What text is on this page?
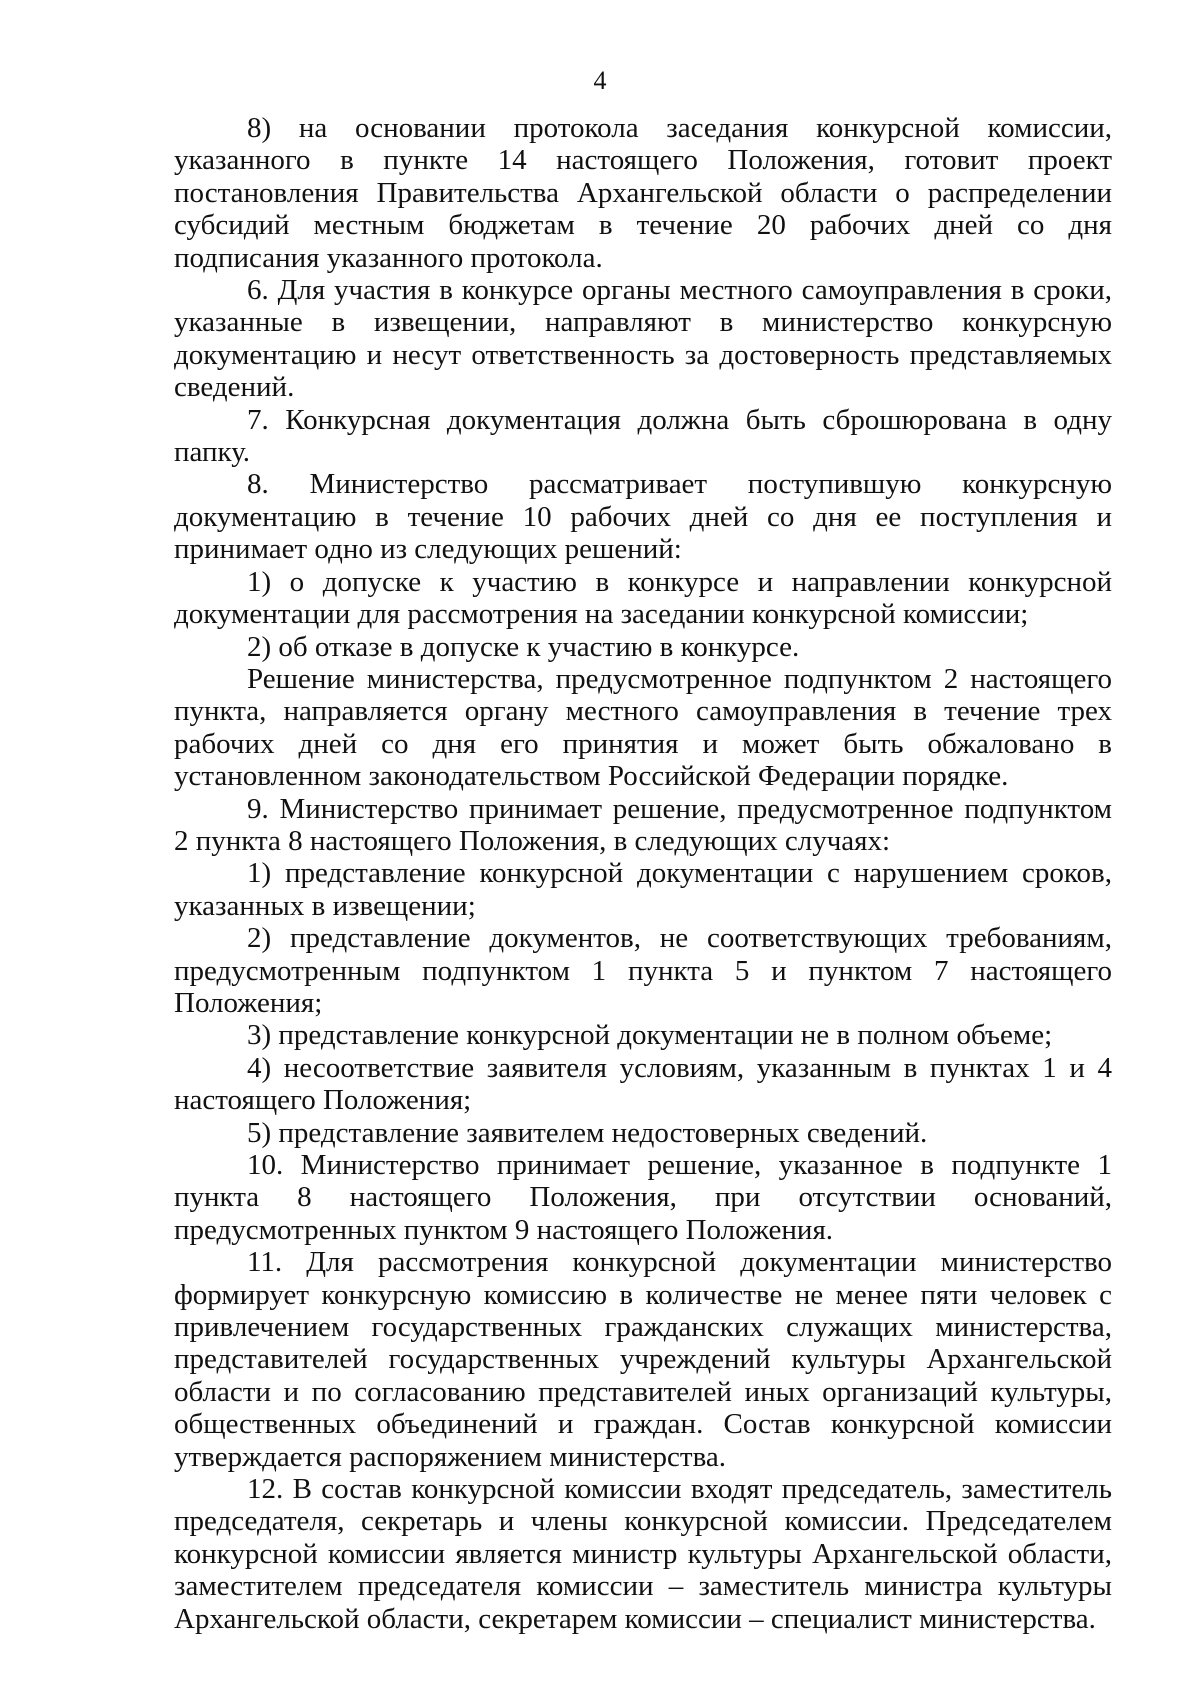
4

8) на основании протокола заседания конкурсной комиссии, указанного в пункте 14 настоящего Положения, готовит проект постановления Правительства Архангельской области о распределении субсидий местным бюджетам в течение 20 рабочих дней со дня подписания указанного протокола.

6. Для участия в конкурсе органы местного самоуправления в сроки, указанные в извещении, направляют в министерство конкурсную документацию и несут ответственность за достоверность представляемых сведений.

7. Конкурсная документация должна быть сброшюрована в одну папку.

8. Министерство рассматривает поступившую конкурсную документацию в течение 10 рабочих дней со дня ее поступления и принимает одно из следующих решений:

1) о допуске к участию в конкурсе и направлении конкурсной документации для рассмотрения на заседании конкурсной комиссии;

2) об отказе в допуске к участию в конкурсе.

Решение министерства, предусмотренное подпунктом 2 настоящего пункта, направляется органу местного самоуправления в течение трех рабочих дней со дня его принятия и может быть обжаловано в установленном законодательством Российской Федерации порядке.

9. Министерство принимает решение, предусмотренное подпунктом 2 пункта 8 настоящего Положения, в следующих случаях:

1) представление конкурсной документации с нарушением сроков, указанных в извещении;

2) представление документов, не соответствующих требованиям, предусмотренным подпунктом 1 пункта 5 и пунктом 7 настоящего Положения;

3) представление конкурсной документации не в полном объеме;

4) несоответствие заявителя условиям, указанным в пунктах 1 и 4 настоящего Положения;

5) представление заявителем недостоверных сведений.

10. Министерство принимает решение, указанное в подпункте 1 пункта 8 настоящего Положения, при отсутствии оснований, предусмотренных пунктом 9 настоящего Положения.

11. Для рассмотрения конкурсной документации министерство формирует конкурсную комиссию в количестве не менее пяти человек с привлечением государственных гражданских служащих министерства, представителей государственных учреждений культуры Архангельской области и по согласованию представителей иных организаций культуры, общественных объединений и граждан. Состав конкурсной комиссии утверждается распоряжением министерства.

12. В состав конкурсной комиссии входят председатель, заместитель председателя, секретарь и члены конкурсной комиссии. Председателем конкурсной комиссии является министр культуры Архангельской области, заместителем председателя комиссии – заместитель министра культуры Архангельской области, секретарем комиссии – специалист министерства.
